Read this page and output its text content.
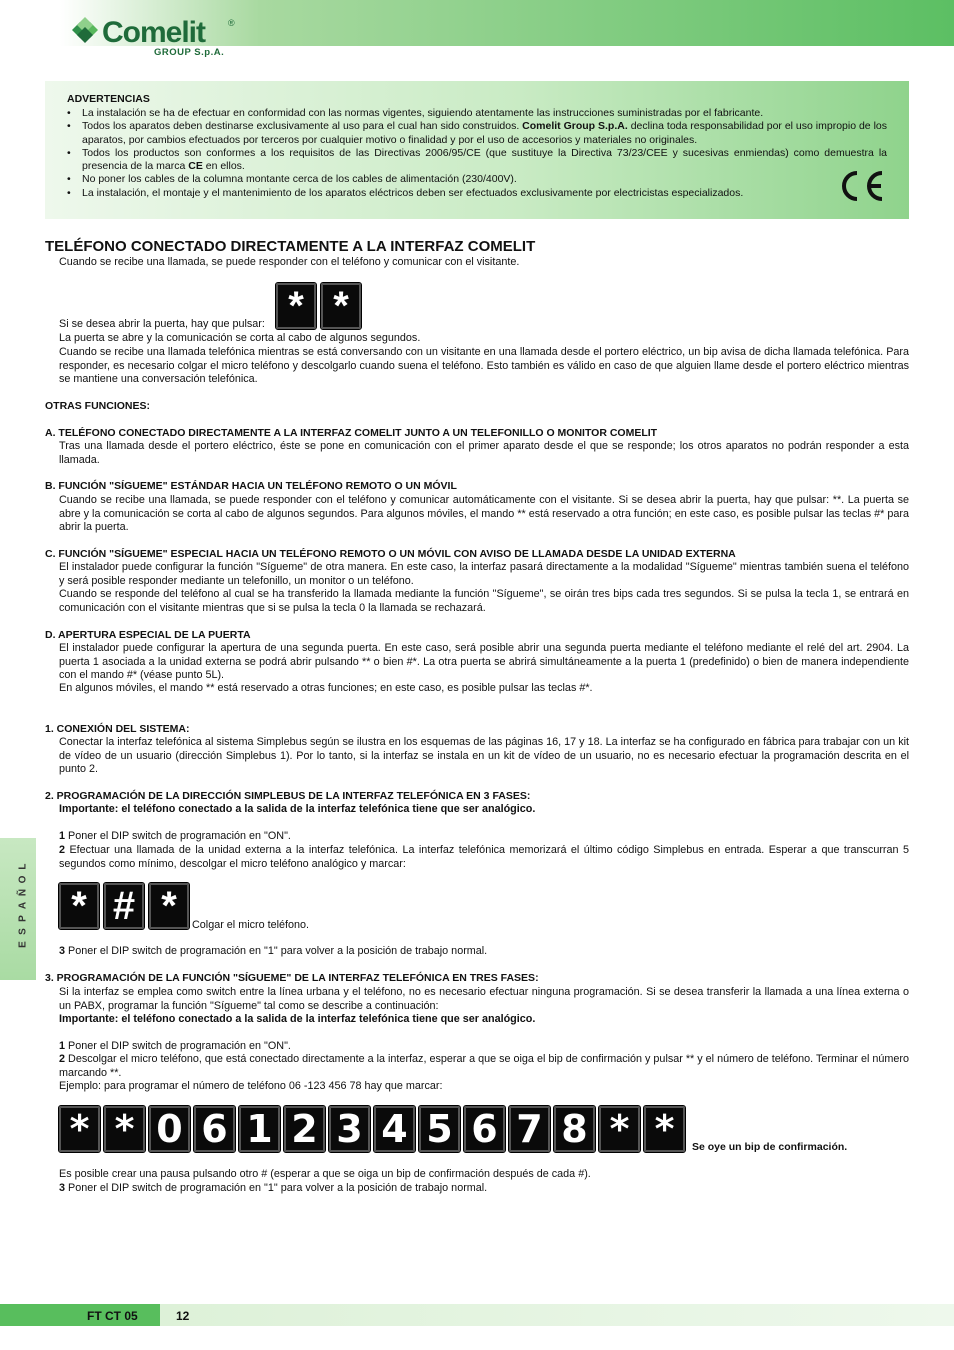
Comelit	®
GROUP S.p.A.
ADVERTENCIAS
• La instalación se ha de efectuar en conformidad con las normas vigentes, siguiendo atentamente las instrucciones suministradas por el fabricante.
• Todos los aparatos deben destinarse exclusivamente al uso para el cual han sido construidos. Comelit Group S.p.A. declina toda responsabilidad por el uso impropio de los aparatos, por cambios efectuados por terceros por cualquier motivo o finalidad y por el uso de accesorios y materiales no originales.
• Todos los productos son conformes a los requisitos de las Directivas 2006/95/CE (que sustituye la Directiva 73/23/CEE y sucesivas enmiendas) como demuestra la presencia de la marca CE en ellos.
• No poner los cables de la columna montante cerca de los cables de alimentación (230/400V).
• La instalación, el montaje y el mantenimiento de los aparatos eléctricos deben ser efectuados exclusivamente por electricistas especializados.
TELÉFONO CONECTADO DIRECTAMENTE A LA INTERFAZ COMELIT

Cuando se recibe una llamada, se puede responder con el teléfono y comunicar con el visitante.

Si se desea abrir la puerta, hay que pulsar: * *

La puerta se abre y la comunicación se corta al cabo de algunos segundos.

Cuando se recibe una llamada telefónica mientras se está conversando con un visitante en una llamada desde el portero eléctrico, un bip avisa de dicha llamada telefónica. Para responder, es necesario colgar el micro teléfono y descolgarlo cuando suena el teléfono. Esto también es válido en caso de que alguien llame desde el portero eléctrico mientras se mantiene una conversación telefónica.

OTRAS FUNCIONES:

A. TELÉFONO CONECTADO DIRECTAMENTE A LA INTERFAZ COMELIT JUNTO A UN TELEFONILLO O MONITOR COMELIT

Tras una llamada desde el portero eléctrico, éste se pone en comunicación con el primer aparato desde el que se responde; los otros aparatos no podrán responder a esta llamada.

B. FUNCIÓN "SÍGUEME" ESTÁNDAR HACIA UN TELÉFONO REMOTO O UN MÓVIL

Cuando se recibe una llamada, se puede responder con el teléfono y comunicar automáticamente con el visitante. Si se desea abrir la puerta, hay que pulsar: **. La puerta se abre y la comunicación se corta al cabo de algunos segundos. Para algunos móviles, el mando ** está reservado a otra función; en este caso, es posible pulsar las teclas #* para abrir la puerta.

C. FUNCIÓN "SÍGUEME" ESPECIAL HACIA UN TELÉFONO REMOTO O UN MÓVIL CON AVISO DE LLAMADA DESDE LA UNIDAD EXTERNA

El instalador puede configurar la función "Sígueme" de otra manera. En este caso, la interfaz pasará directamente a la modalidad "Sígueme" mientras también suena el teléfono y será posible responder mediante un telefonillo, un monitor o un teléfono.

Cuando se responde del teléfono al cual se ha transferido la llamada mediante la función "Sígueme", se oirán tres bips cada tres segundos. Si se pulsa la tecla 1, se entrará en comunicación con el visitante mientras que si se pulsa la tecla 0 la llamada se rechazará.

D. APERTURA ESPECIAL DE LA PUERTA

El instalador puede configurar la apertura de una segunda puerta. En este caso, será posible abrir una segunda puerta mediante el teléfono mediante el relé del art. 2904. La puerta 1 asociada a la unidad externa se podrá abrir pulsando ** o bien #*. La otra puerta se abrirá simultáneamente a la puerta 1 (predefinido) o bien de manera independiente con el mando #* (véase punto 5L).

En algunos móviles, el mando ** está reservado a otras funciones; en este caso, es posible pulsar las teclas #*.

1. CONEXIÓN DEL SISTEMA:

Conectar la interfaz telefónica al sistema Simplebus según se ilustra en los esquemas de las páginas 16, 17 y 18. La interfaz se ha configurado en fábrica para trabajar con un kit de vídeo de un usuario (dirección Simplebus 1). Por lo tanto, si la interfaz se instala en un kit de vídeo de un usuario, no es necesario efectuar la programación descrita en el punto 2.

2. PROGRAMACIÓN DE LA DIRECCIÓN SIMPLEBUS DE LA INTERFAZ TELEFÓNICA EN 3 FASES:

Importante: el teléfono conectado a la salida de la interfaz telefónica tiene que ser analógico.

1 Poner el DIP switch de programación en "ON".

2 Efectuar una llamada de la unidad externa a la interfaz telefónica. La interfaz telefónica memorizará el último código Simplebus en entrada. Esperar a que transcurran 5 segundos como mínimo, descolgar el micro teléfono analógico y marcar:

* # *	Colgar el micro teléfono.

3 Poner el DIP switch de programación en "1" para volver a la posición de trabajo normal.

3. PROGRAMACIÓN DE LA FUNCIÓN "SÍGUEME" DE LA INTERFAZ TELEFÓNICA EN TRES FASES:

Si la interfaz se emplea como switch entre la línea urbana y el teléfono, no es necesario efectuar ninguna programación. Si se desea transferir la llamada a una línea externa o un PABX, programar la función "Sígueme" tal como se describe a continuación:

Importante: el teléfono conectado a la salida de la interfaz telefónica tiene que ser analógico.

1 Poner el DIP switch de programación en "ON".

2 Descolgar el micro teléfono, que está conectado directamente a la interfaz, esperar a que se oiga el bip de confirmación y pulsar ** y el número de teléfono. Terminar el número marcando **.

Ejemplo: para programar el número de teléfono 06 -123 456 78 hay que marcar:

* * 0 6 1 2 3 4 5 6 7 8 * *	Se oye un bip de confirmación.

Es posible crear una pausa pulsando otro # (esperar a que se oiga un bip de confirmación después de cada #).

3 Poner el DIP switch de programación en "1" para volver a la posición de trabajo normal.

L
O
Ñ
A
P
S
E
FT CT 05	12
